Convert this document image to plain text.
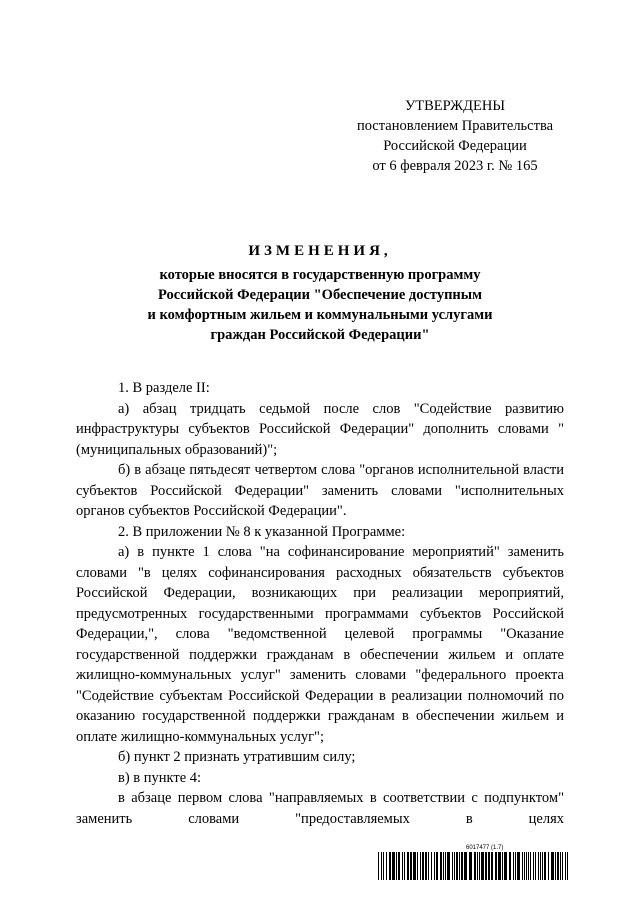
УТВЕРЖДЕНЫ
постановлением Правительства
Российской Федерации
от 6 февраля 2023 г. № 165
ИЗМЕНЕНИЯ,
которые вносятся в государственную программу
Российской Федерации "Обеспечение доступным
и комфортным жильем и коммунальными услугами
граждан Российской Федерации"

1. В разделе II:

а) абзац тридцать седьмой после слов "Содействие развитию инфраструктуры субъектов Российской Федерации" дополнить словами "(муниципальных образований)";

б) в абзаце пятьдесят четвертом слова "органов исполнительной власти субъектов Российской Федерации" заменить словами "исполнительных органов субъектов Российской Федерации".

2. В приложении № 8 к указанной Программе:

а) в пункте 1 слова "на софинансирование мероприятий" заменить словами "в целях софинансирования расходных обязательств субъектов Российской Федерации, возникающих при реализации мероприятий, предусмотренных государственными программами субъектов Российской Федерации,", слова "ведомственной целевой программы "Оказание государственной поддержки гражданам в обеспечении жильем и оплате жилищно-коммунальных услуг" заменить словами "федерального проекта "Содействие субъектам Российской Федерации в реализации полномочий по оказанию государственной поддержки гражданам в обеспечении жильем и оплате жилищно-коммунальных услуг";

б) пункт 2 признать утратившим силу;

в) в пункте 4:

в абзаце первом слова "направляемых в соответствии с подпунктом" заменить словами "предоставляемых в целях

6017477 (1.7)
